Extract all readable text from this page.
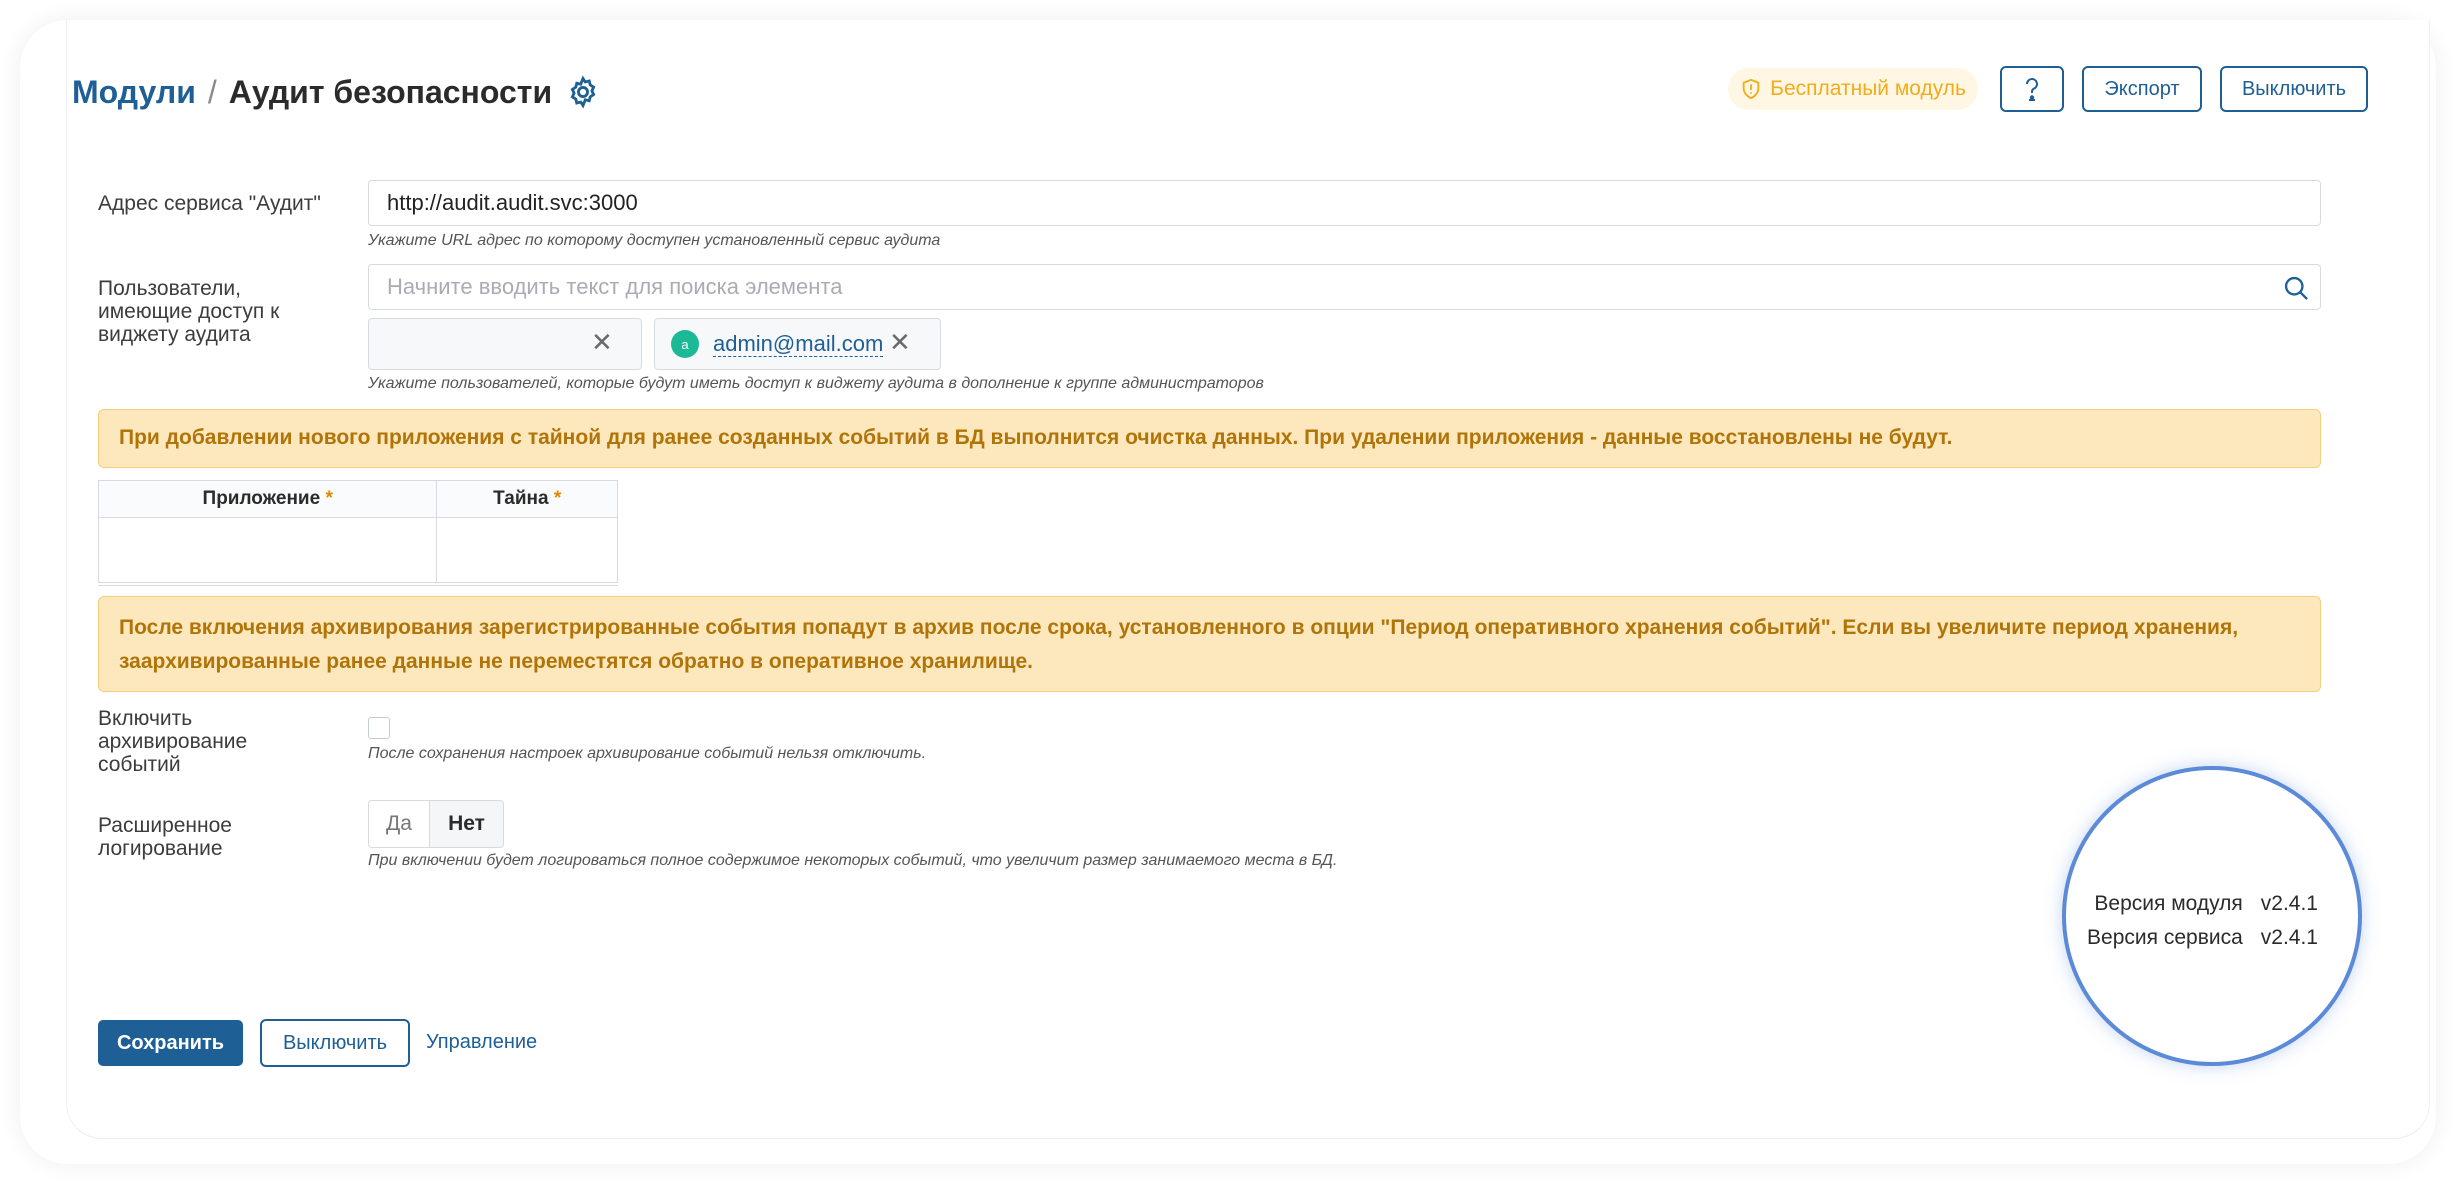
Модули / Аудит безопасности	Бесплатный модуль	Экспорт	Выключить
Адрес сервиса "Аудит"	http://audit.audit.svc:3000
Укажите URL адрес по которому доступен установленный сервис аудита
Пользователи,
имеющие доступ к
виджету аудита
Начните вводить текст для поиска элемента
✕	a	admin@mail.com ✕
Укажите пользователей, которые будут иметь доступ к виджету аудита в дополнение к группе администраторов
При добавлении нового приложения с тайной для ранее созданных событий в БД выполнится очистка данных. При удалении приложения - данные восстановлены не будут.
Приложение *	Тайна *

После включения архивирования зарегистрированные события попадут в архив после срока, установленного в опции "Период оперативного хранения событий". Если вы увеличите период хранения,
заархивированные ранее данные не переместятся обратно в оперативное хранилище.
Включить
архивирование
событий	После сохранения настроек архивирование событий нельзя отключить.
Расширенное
логирование
Да	Нет
При включении будет логироваться полное содержимое некоторых событий, что увеличит размер занимаемого места в БД.
Версия модуля v2.4.1
Версия сервиса v2.4.1
Сохранить	Выключить	Управление
